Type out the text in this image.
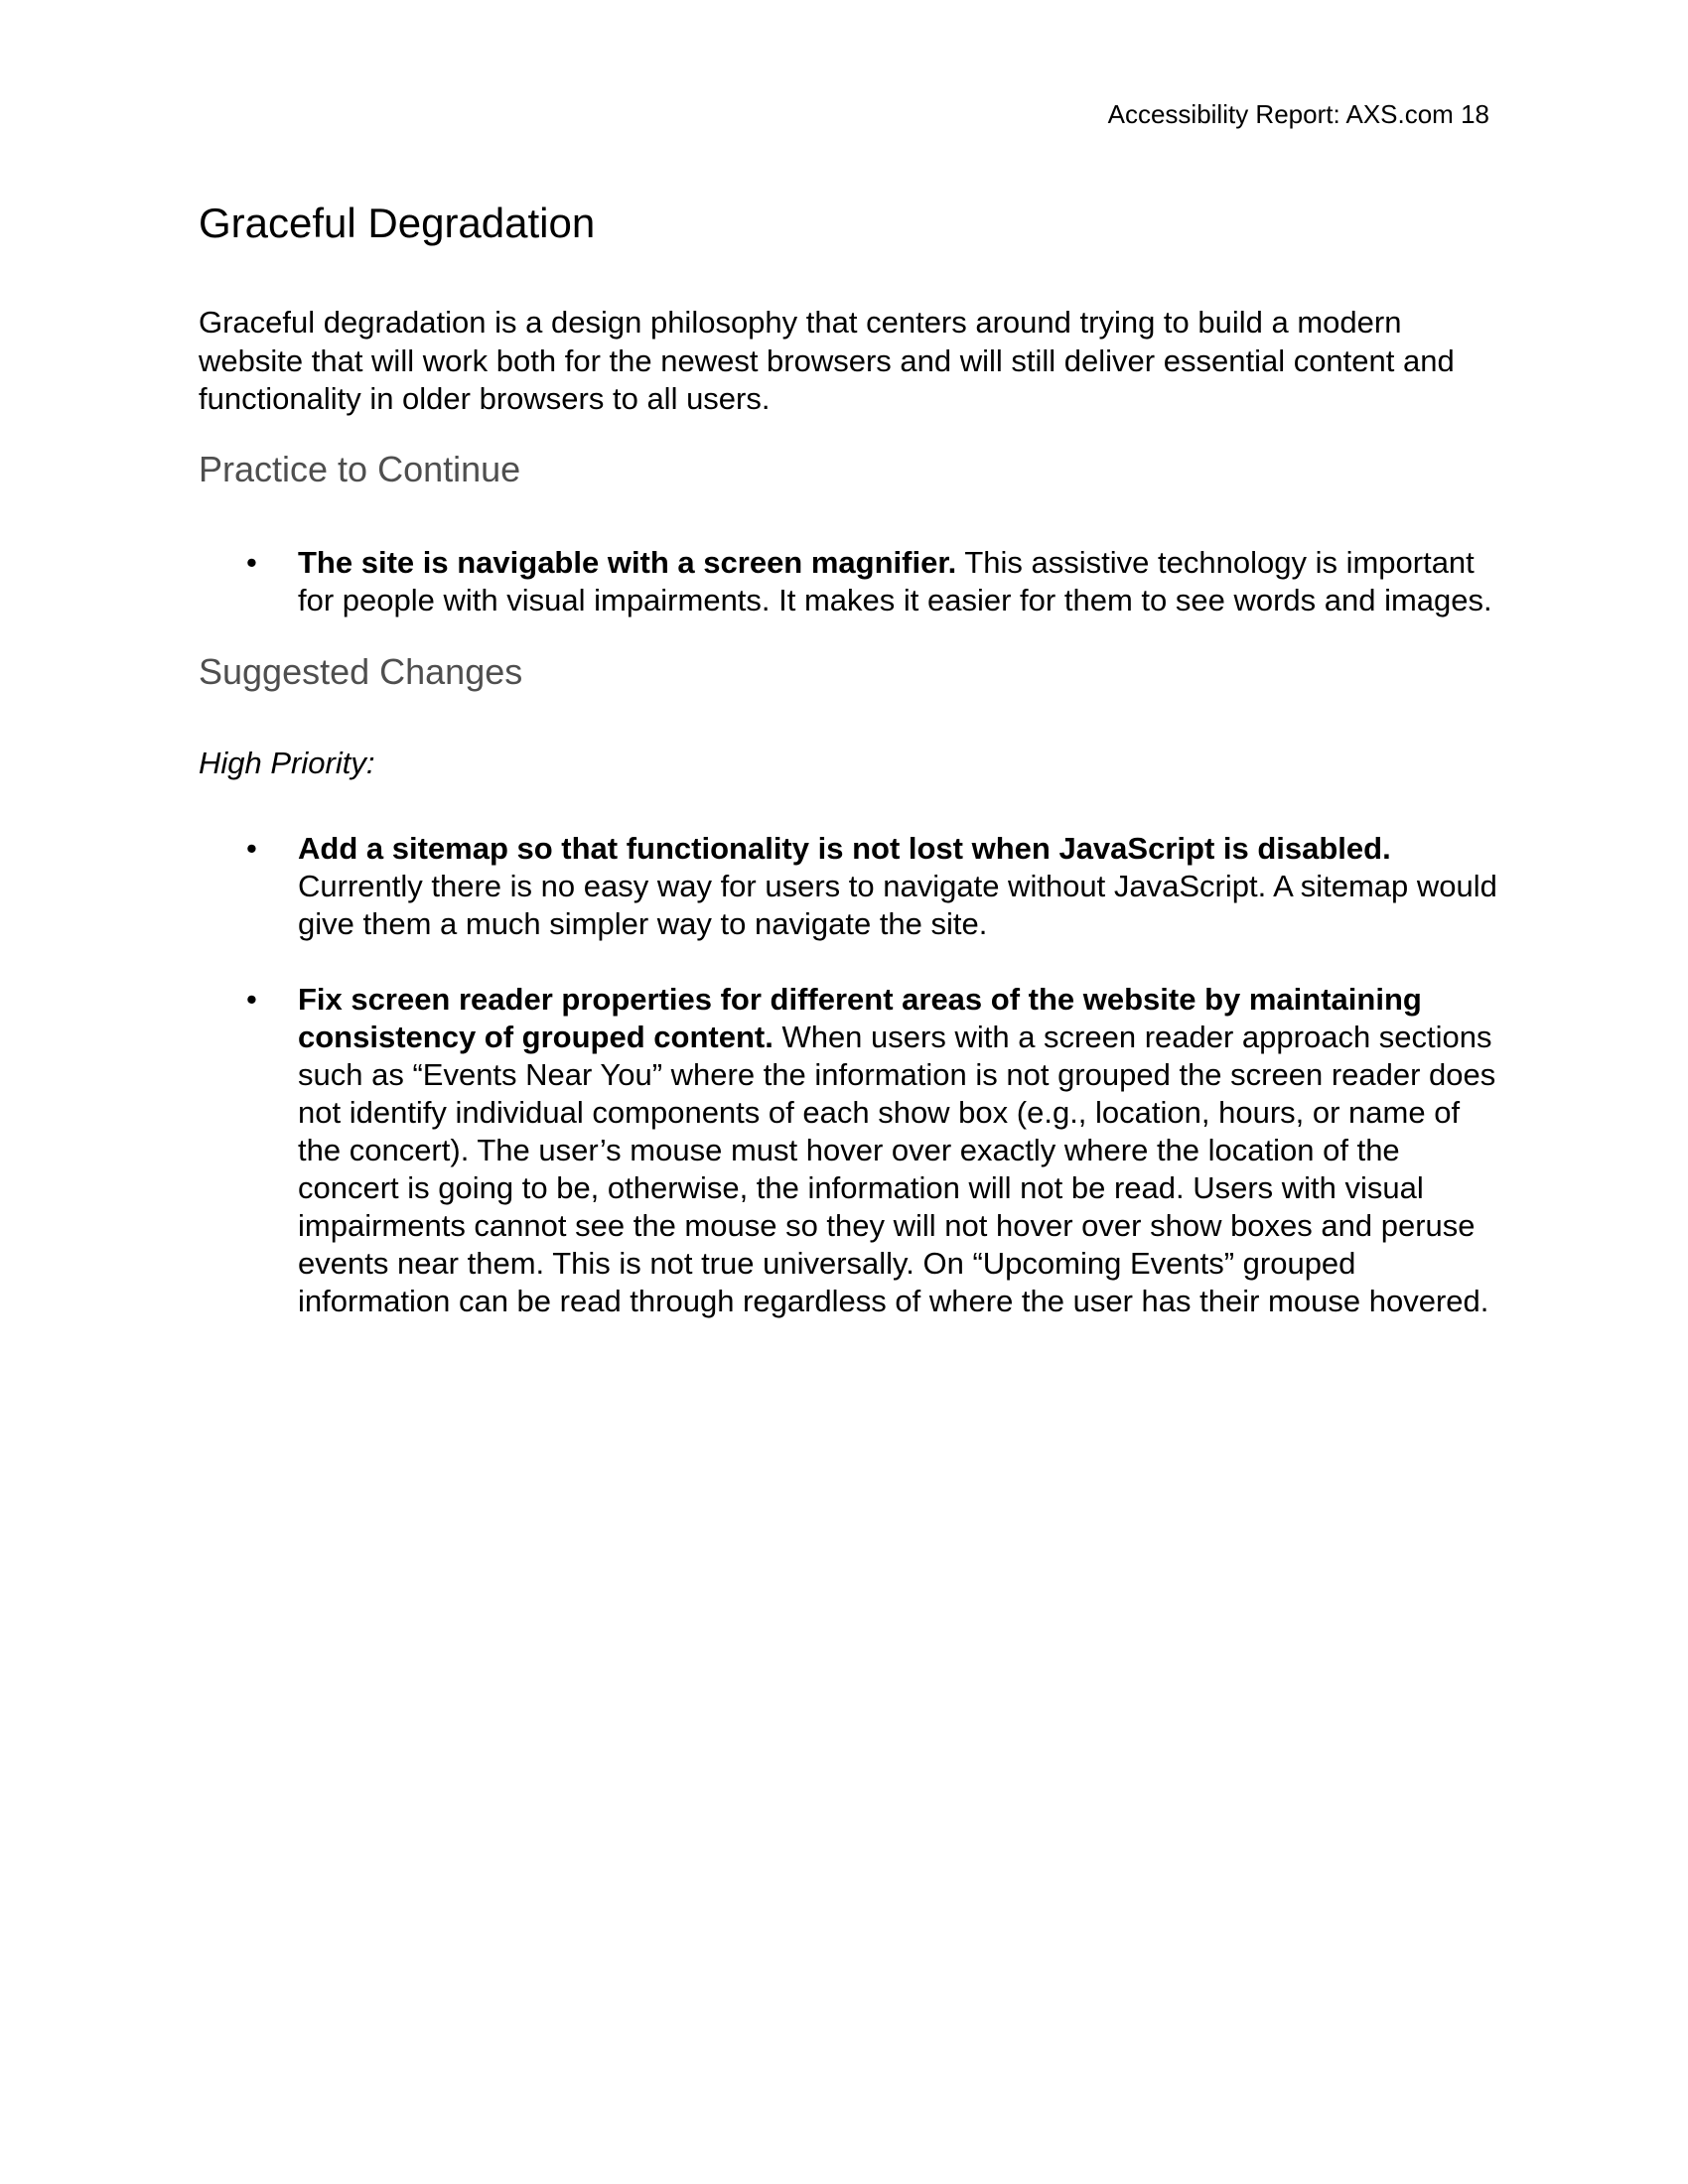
Accessibility Report: AXS.com 18
Graceful Degradation

Graceful degradation is a design philosophy that centers around trying to build a modern website that will work both for the newest browsers and will still deliver essential content and functionality in older browsers to all users.

Practice to Continue
• The site is navigable with a screen magnifier. This assistive technology is important for people with visual impairments. It makes it easier for them to see words and images.
Suggested Changes

High Priority:

• Add a sitemap so that functionality is not lost when JavaScript is disabled. Currently there is no easy way for users to navigate without JavaScript. A sitemap would give them a much simpler way to navigate the site.
• Fix screen reader properties for different areas of the website by maintaining consistency of grouped content. When users with a screen reader approach sections such as “Events Near You” where the information is not grouped the screen reader does not identify individual components of each show box (e.g., location, hours, or name of the concert). The user’s mouse must hover over exactly where the location of the concert is going to be, otherwise, the information will not be read. Users with visual impairments cannot see the mouse so they will not hover over show boxes and peruse events near them. This is not true universally. On “Upcoming Events” grouped information can be read through regardless of where the user has their mouse hovered.
